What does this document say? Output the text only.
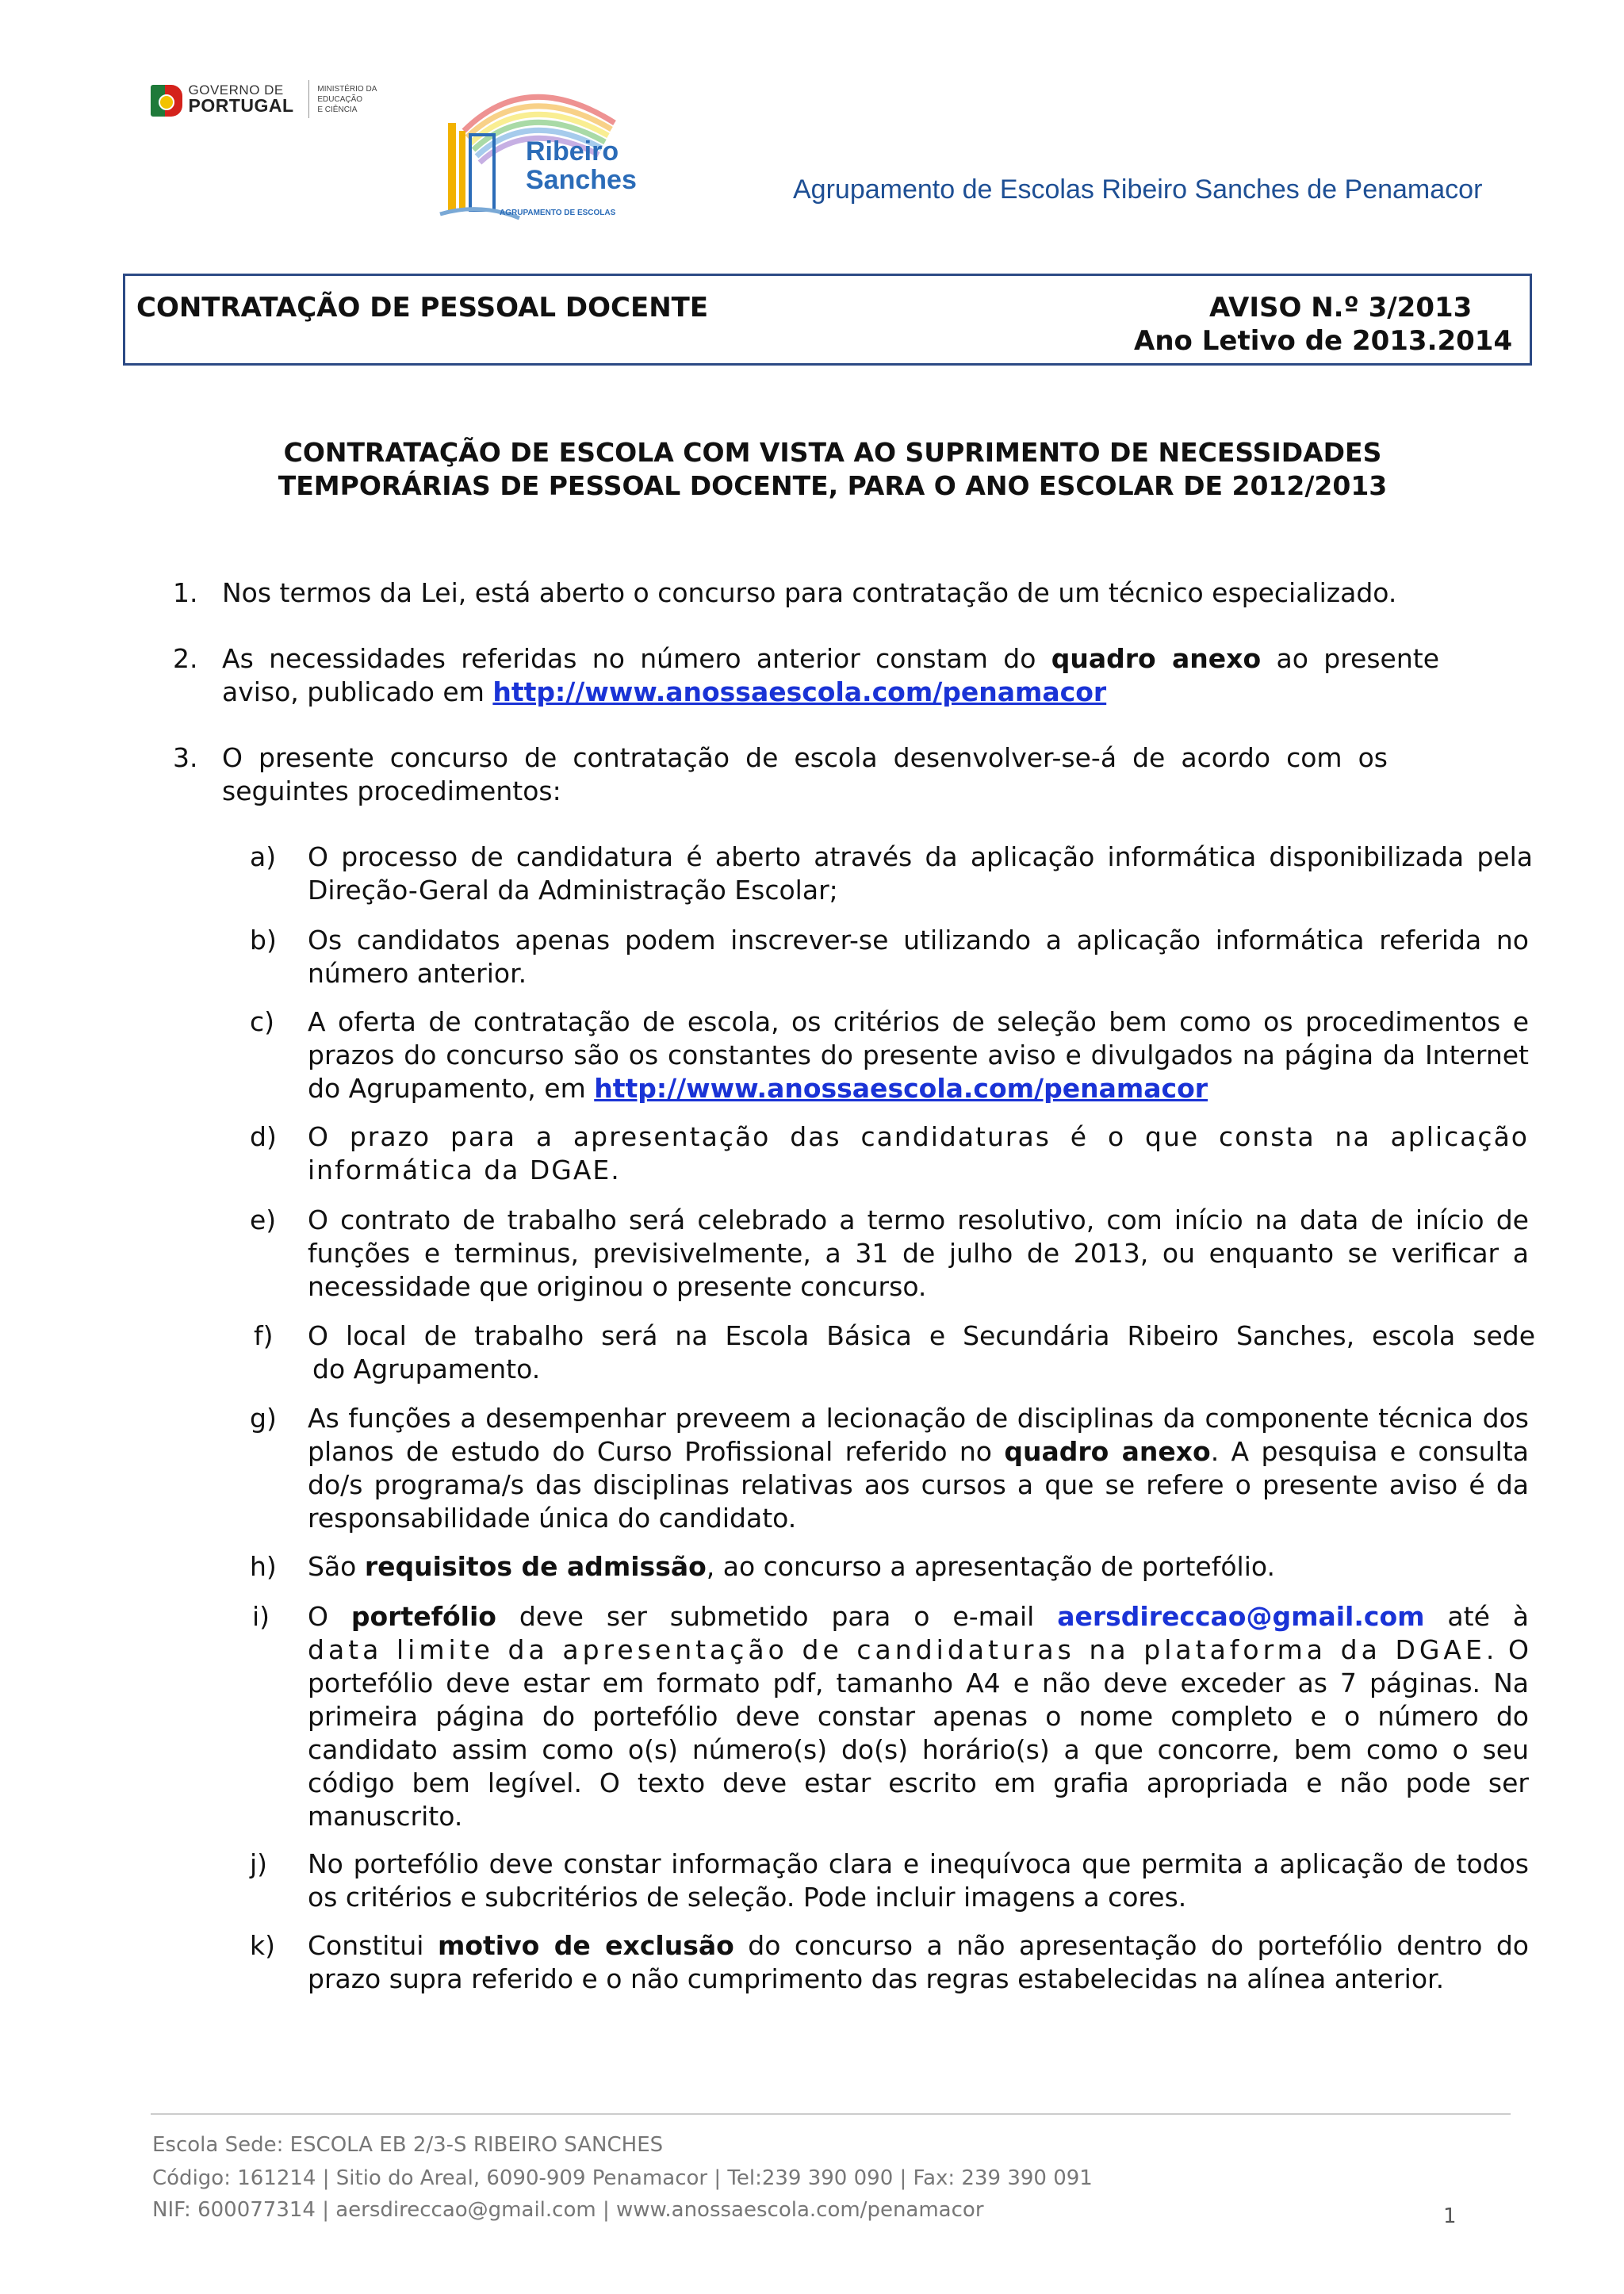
GOVERNO DE
PORTUGAL
MINISTÉRIO DA EDUCAÇÃO
E CIÊNCIA
Ribeiro
Sanches
AGRUPAMENTO DE ESCOLAS
Agrupamento de Escolas Ribeiro Sanches de Penamacor
CONTRATAÇÃO DE PESSOAL DOCENTE	AVISO N.º 3/2013
Ano Letivo de 2013.2014
CONTRATAÇÃO DE ESCOLA COM VISTA AO SUPRIMENTO DE NECESSIDADES
TEMPORÁRIAS DE PESSOAL DOCENTE, PARA O ANO ESCOLAR DE 2012/2013
1. Nos termos da Lei, está aberto o concurso para contratação de um técnico especializado.
2. As necessidades referidas no número anterior constam do quadro anexo ao presente aviso, publicado em http://www.anossaescola.com/penamacor
3. O presente concurso de contratação de escola desenvolver-se-á de acordo com os seguintes procedimentos:
a) O processo de candidatura é aberto através da aplicação informática disponibilizada pela Direção-Geral da Administração Escolar;
b) Os candidatos apenas podem inscrever-se utilizando a aplicação informática referida no número anterior.
c) A oferta de contratação de escola, os critérios de seleção bem como os procedimentos e prazos do concurso são os constantes do presente aviso e divulgados na página da Internet do Agrupamento, em http://www.anossaescola.com/penamacor
d) O prazo para a apresentação das candidaturas é o que consta na aplicação informática da DGAE.
e) O contrato de trabalho será celebrado a termo resolutivo, com início na data de início de funções e terminus, previsivelmente, a 31 de julho de 2013, ou enquanto se verificar a necessidade que originou o presente concurso.
f) O local de trabalho será na Escola Básica e Secundária Ribeiro Sanches, escola sede
do Agrupamento.
g) As funções a desempenhar preveem a lecionação de disciplinas da componente técnica dos planos de estudo do Curso Profissional referido no quadro anexo. A pesquisa e consulta do/s programa/s das disciplinas relativas aos cursos a que se refere o presente aviso é da responsabilidade única do candidato.
h) São requisitos de admissão, ao concurso a apresentação de portefólio.
i) O portefólio deve ser submetido para o e-mail aersdireccao@gmail.com até à
data limite da apresentação de candidaturas na plataforma da DGAE. O portefólio deve estar em formato pdf, tamanho A4 e não deve exceder as 7 páginas. Na primeira página do portefólio deve constar apenas o nome completo e o número do candidato assim como o(s) número(s) do(s) horário(s) a que concorre, bem como o seu código bem legível. O texto deve estar escrito em grafia apropriada e não pode ser manuscrito.
j) No portefólio deve constar informação clara e inequívoca que permita a aplicação de todos os critérios e subcritérios de seleção. Pode incluir imagens a cores.
k) Constitui motivo de exclusão do concurso a não apresentação do portefólio dentro do prazo supra referido e o não cumprimento das regras estabelecidas na alínea anterior.
Escola Sede: ESCOLA EB 2/3-S RIBEIRO SANCHES
Código: 161214 | Sitio do Areal, 6090-909 Penamacor | Tel:239 390 090 | Fax: 239 390 091
NIF: 600077314 | aersdireccao@gmail.com | www.anossaescola.com/penamacor	1
